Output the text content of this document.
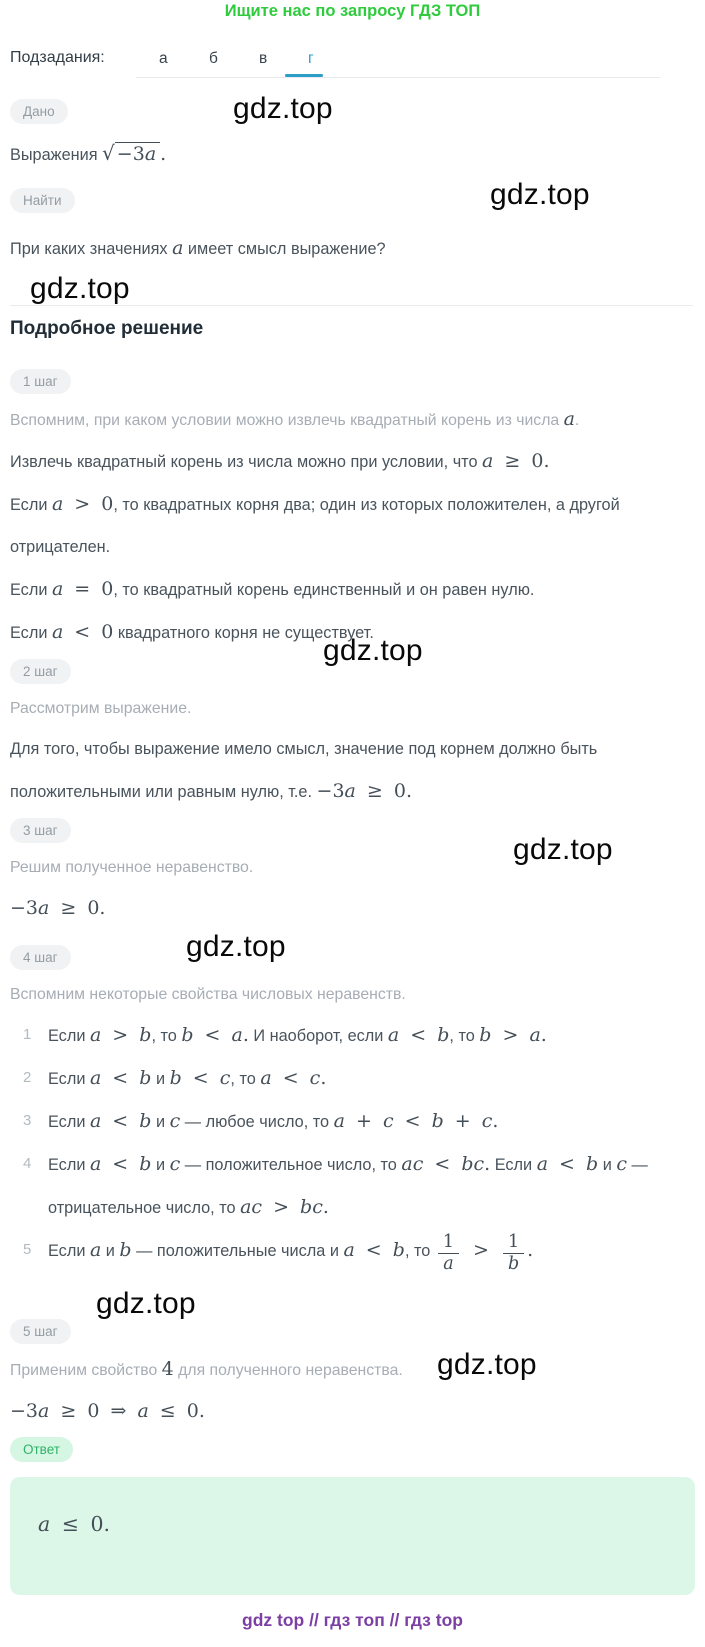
Ищите нас по запросу ГДЗ ТОП
Подзадания:	а	б	в	г
Дано

Выражения √ −3a .

Найти

При каких значениях a имеет смысл выражение?

Подробное решение
1 шаг

Вспомним, при каком условии можно извлечь квадратный корень из числа a.

Извлечь квадратный корень из числа можно при условии, что a ≥ 0.

Если a > 0, то квадратных корня два; один из которых положителен, а другой отрицателен.

Если a = 0, то квадратный корень единственный и он равен нулю.

Если a < 0 квадратного корня не существует.

2 шаг

Рассмотрим выражение.

Для того, чтобы выражение имело смысл, значение под корнем должно быть положительными или равным нулю, т.е. −3a ≥ 0.

3 шаг

Решим полученное неравенство.

−3a ≥ 0.

4 шаг

Вспомним некоторые свойства числовых неравенств.

1 Если a > b, то b < a. И наоборот, если a < b, то b > a.

2 Если a < b и b < c, то a < c.

3 Если a < b и c — любое число, то a + c < b + c.

4 Если a < b и c — положительное число, то ac < bc. Если a < b и c — отрицательное число, то ac > bc.

5 Если a и b — положительные числа и a < b, то $\frac{1}{a} > \frac{1}{b}$ .

5 шаг

Применим свойство 4 для полученного неравенства.

−3a ≥ 0 ⇒ a ≤ 0.

Ответ

a ≤ 0.

gdz top // гдз топ // гдз top
gdz.top
gdz.top
gdz.top
gdz.top
gdz.top
gdz.top
gdz.top
gdz.top
